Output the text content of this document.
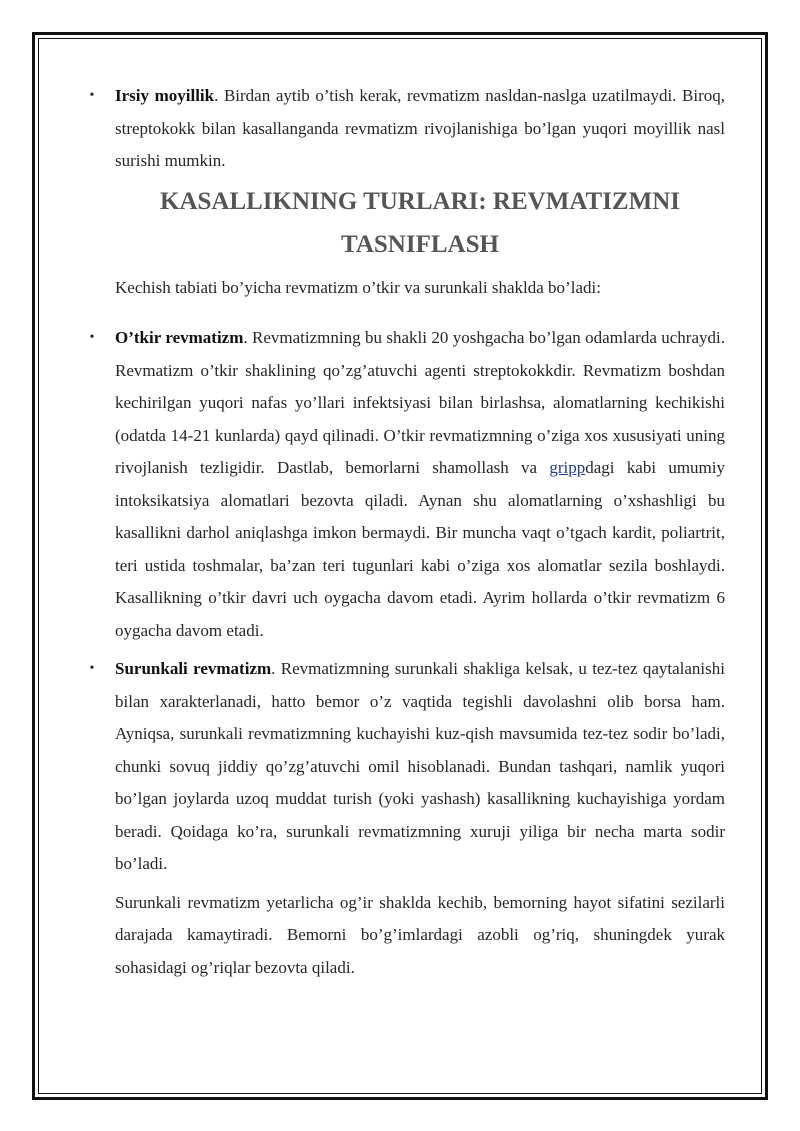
• Irsiy moyillik. Birdan aytib o’tish kerak, revmatizm nasldan-naslga uzatilmaydi. Biroq, streptokokk bilan kasallanganda revmatizm rivojlanishiga bo’lgan yuqori moyillik nasl surishi mumkin.
KASALLIKNING TURLARI: REVMATIZMNI TASNIFLASH

Kechish tabiati bo’yicha revmatizm o’tkir va surunkali shaklda bo’ladi:

• O’tkir revmatizm. Revmatizmning bu shakli 20 yoshgacha bo’lgan odamlarda uchraydi. Revmatizm o’tkir shaklining qo’zg’atuvchi agenti streptokokkdir. Revmatizm boshdan kechirilgan yuqori nafas yo’llari infektsiyasi bilan birlashsa, alomatlarning kechikishi (odatda 14-21 kunlarda) qayd qilinadi. O’tkir revmatizmning o’ziga xos xususiyati uning rivojlanish tezligidir. Dastlab, bemorlarni shamollash va grippdagi kabi umumiy intoksikatsiya alomatlari bezovta qiladi. Aynan shu alomatlarning o’xshashligi bu kasallikni darhol aniqlashga imkon bermaydi. Bir muncha vaqt o’tgach kardit, poliartrit, teri ustida toshmalar, ba’zan teri tugunlari kabi o’ziga xos alomatlar sezila boshlaydi. Kasallikning o’tkir davri uch oygacha davom etadi. Ayrim hollarda o’tkir revmatizm 6 oygacha davom etadi.
• Surunkali revmatizm. Revmatizmning surunkali shakliga kelsak, u tez-tez qaytalanishi bilan xarakterlanadi, hatto bemor o’z vaqtida tegishli davolashni olib borsa ham. Ayniqsa, surunkali revmatizmning kuchayishi kuz-qish mavsumida tez-tez sodir bo’ladi, chunki sovuq jiddiy qo’zg’atuvchi omil hisoblanadi. Bundan tashqari, namlik yuqori bo’lgan joylarda uzoq muddat turish (yoki yashash) kasallikning kuchayishiga yordam beradi. Qoidaga ko’ra, surunkali revmatizmning xuruji yiliga bir necha marta sodir bo’ladi.

Surunkali revmatizm yetarlicha og’ir shaklda kechib, bemorning hayot sifatini sezilarli darajada kamaytiradi. Bemorni bo’g’imlardagi azobli og’riq, shuningdek yurak sohasidagi og’riqlar bezovta qiladi.
